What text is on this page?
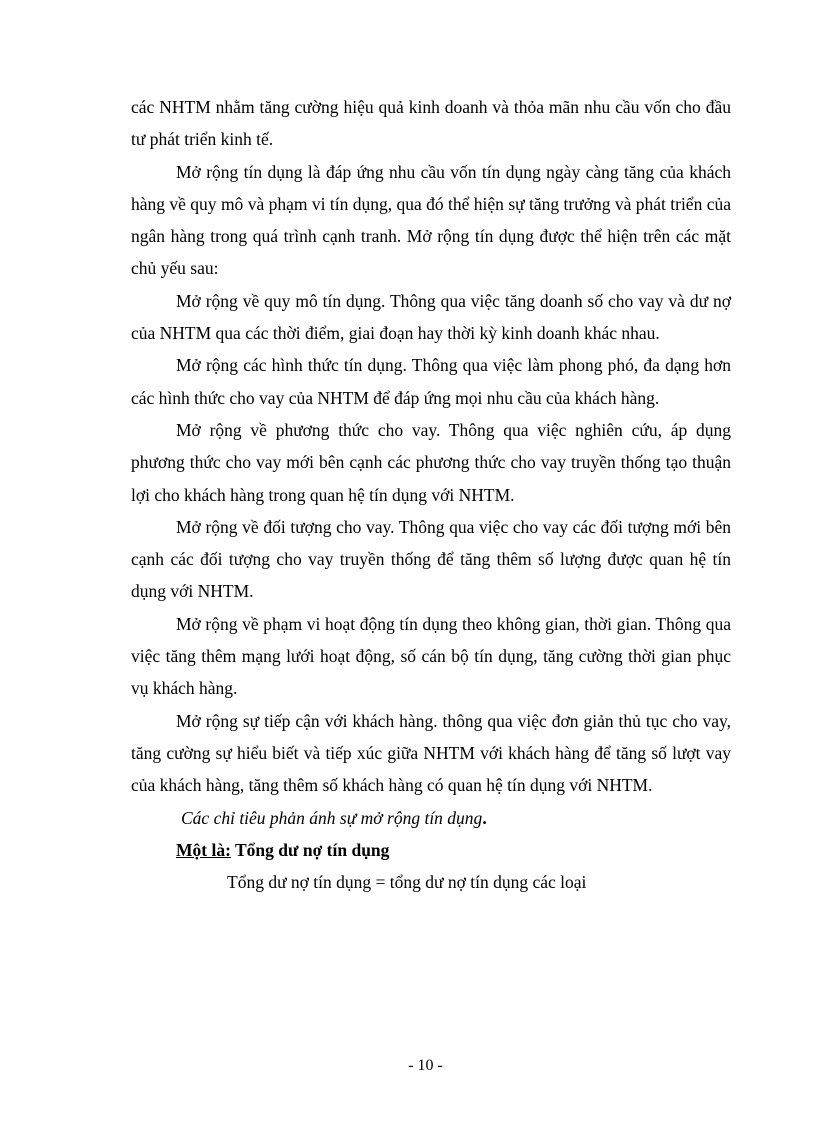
các NHTM nhằm tăng cường hiệu quả kinh doanh và thỏa mãn nhu cầu vốn cho đầu tư phát triển kinh tế.

Mở rộng tín dụng là đáp ứng nhu cầu vốn tín dụng ngày càng tăng của khách hàng về quy mô và phạm vi tín dụng, qua đó thể hiện sự tăng trưởng và phát triển của ngân hàng trong quá trình cạnh tranh. Mở rộng tín dụng được thể hiện trên các mặt chủ yếu sau:

Mở rộng về quy mô tín dụng. Thông qua việc tăng doanh số cho vay và dư nợ của NHTM qua các thời điểm, giai đoạn hay thời kỳ kinh doanh khác nhau.

Mở rộng các hình thức tín dụng. Thông qua việc làm phong phó, đa dạng hơn các hình thức cho vay của NHTM để đáp ứng mọi nhu cầu của khách hàng.

Mở rộng về phương thức cho vay. Thông qua việc nghiên cứu, áp dụng phương thức cho vay mới bên cạnh các phương thức cho vay truyền thống tạo thuận lợi cho khách hàng trong quan hệ tín dụng với NHTM.

Mở rộng về đối tượng cho vay. Thông qua việc cho vay các đối tượng mới bên cạnh các đối tượng cho vay truyền thống để tăng thêm số lượng được quan hệ tín dụng với NHTM.

Mở rộng về phạm vi hoạt động tín dụng theo không gian, thời gian. Thông qua việc tăng thêm mạng lưới hoạt động, số cán bộ tín dụng, tăng cường thời gian phục vụ khách hàng.

Mở rộng sự tiếp cận với khách hàng. thông qua việc đơn giản thủ tục cho vay, tăng cường sự hiểu biết và tiếp xúc giữa NHTM với khách hàng để tăng số lượt vay của khách hàng, tăng thêm số khách hàng có quan hệ tín dụng với NHTM.

Các chỉ tiêu phản ánh sự mở rộng tín dụng.

Một là: Tổng dư nợ tín dụng

Tổng dư nợ tín dụng = tổng dư nợ tín dụng các loại

- 10 -
